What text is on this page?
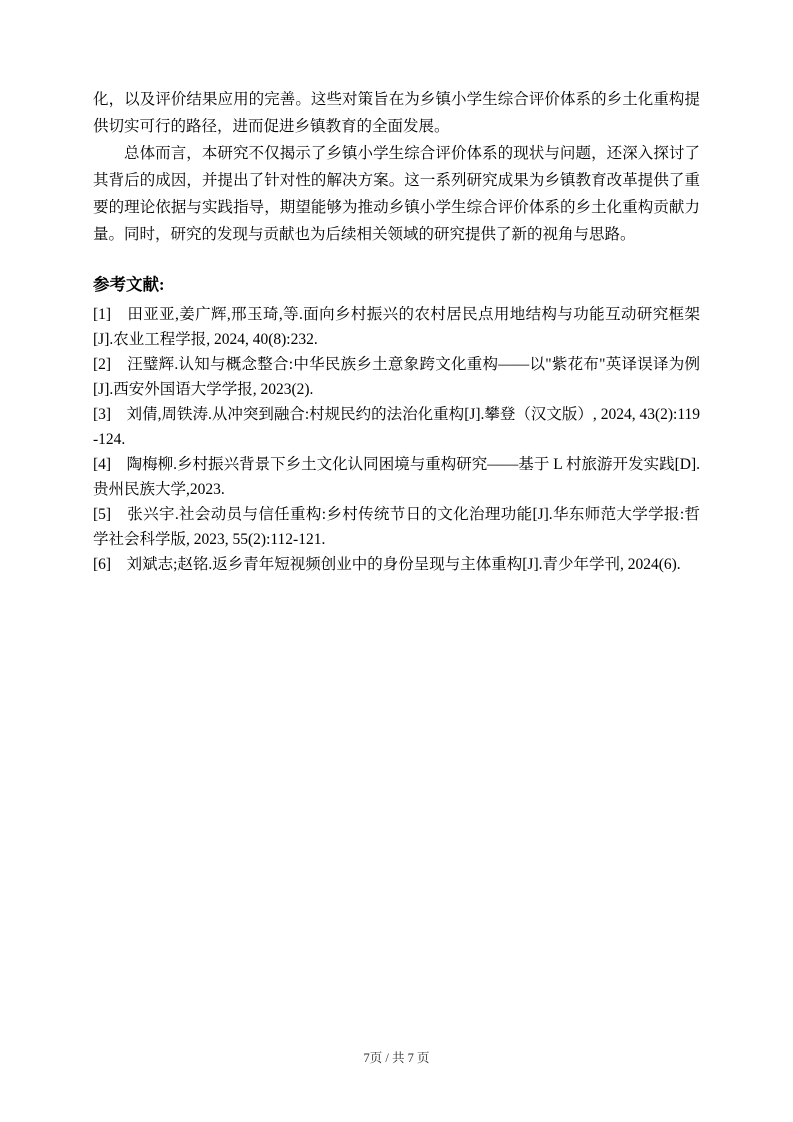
化，以及评价结果应用的完善。这些对策旨在为乡镇小学生综合评价体系的乡土化重构提供切实可行的路径，进而促进乡镇教育的全面发展。

总体而言，本研究不仅揭示了乡镇小学生综合评价体系的现状与问题，还深入探讨了其背后的成因，并提出了针对性的解决方案。这一系列研究成果为乡镇教育改革提供了重要的理论依据与实践指导，期望能够为推动乡镇小学生综合评价体系的乡土化重构贡献力量。同时，研究的发现与贡献也为后续相关领域的研究提供了新的视角与思路。

参考文献:

[1]　田亚亚,姜广辉,邢玉琦,等.面向乡村振兴的农村居民点用地结构与功能互动研究框架[J].农业工程学报, 2024, 40(8):232.

[2]　汪璧辉.认知与概念整合:中华民族乡土意象跨文化重构——以"紫花布"英译误译为例[J].西安外国语大学学报, 2023(2).

[3]　刘倩,周铁涛.从冲突到融合:村规民约的法治化重构[J].攀登（汉文版）, 2024, 43(2):119-124.

[4]　陶梅柳.乡村振兴背景下乡土文化认同困境与重构研究——基于 L 村旅游开发实践[D].贵州民族大学,2023.

[5]　张兴宇.社会动员与信任重构:乡村传统节日的文化治理功能[J].华东师范大学学报:哲学社会科学版, 2023, 55(2):112-121.

[6]　刘斌志;赵铭.返乡青年短视频创业中的身份呈现与主体重构[J].青少年学刊, 2024(6).

7页 / 共 7 页
